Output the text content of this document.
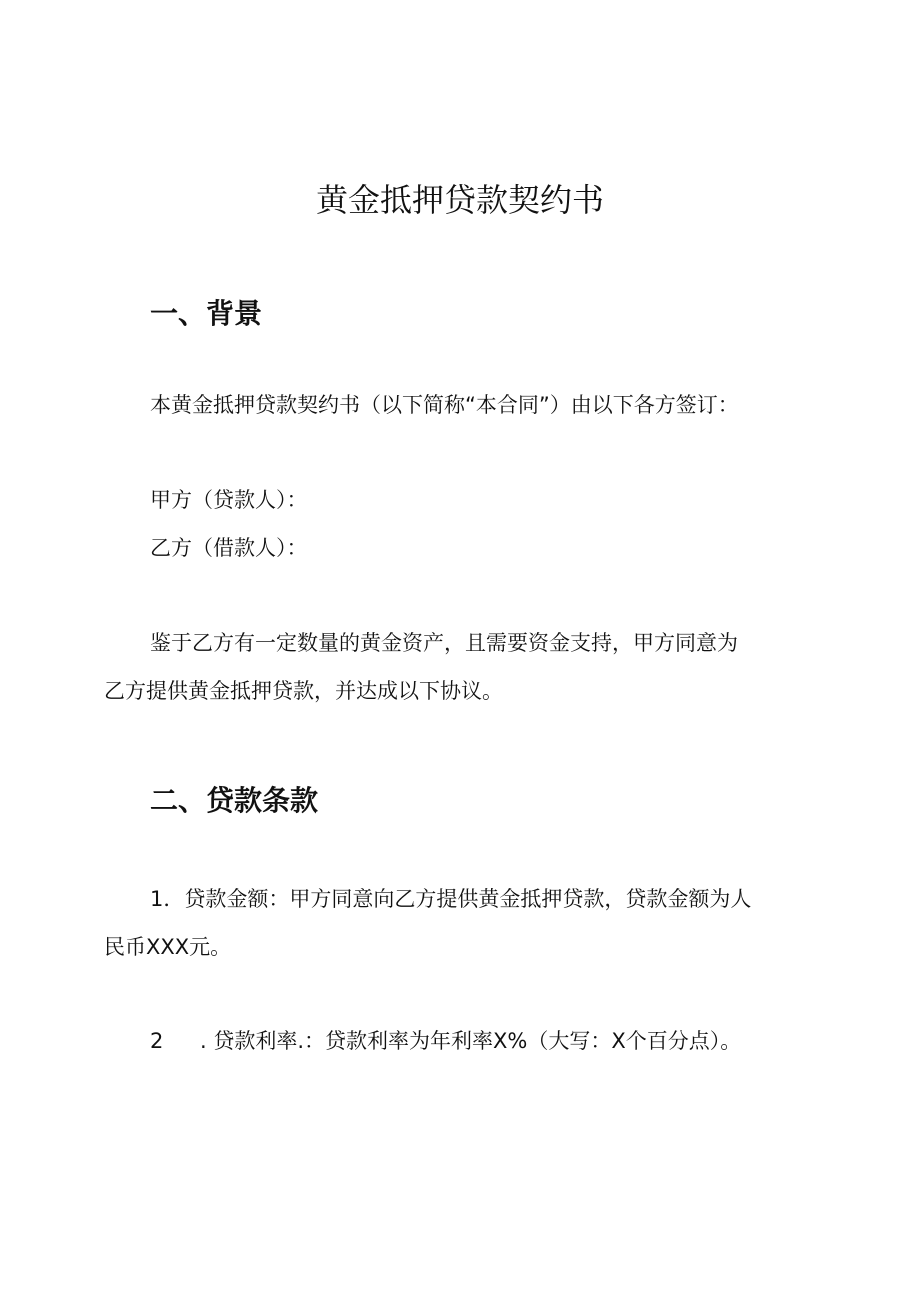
黄金抵押贷款契约书
一、背景

本黄金抵押贷款契约书（以下简称“本合同”）由以下各方签订：

甲方（贷款人）：

乙方（借款人）：

鉴于乙方有一定数量的黄金资产，且需要资金支持，甲方同意为

乙方提供黄金抵押贷款，并达成以下协议。

二、贷款条款

1．贷款金额：甲方同意向乙方提供黄金抵押贷款，贷款金额为人

民币XXX元。

2 . 贷款利率.：贷款利率为年利率X%（大写：X个百分点）。
